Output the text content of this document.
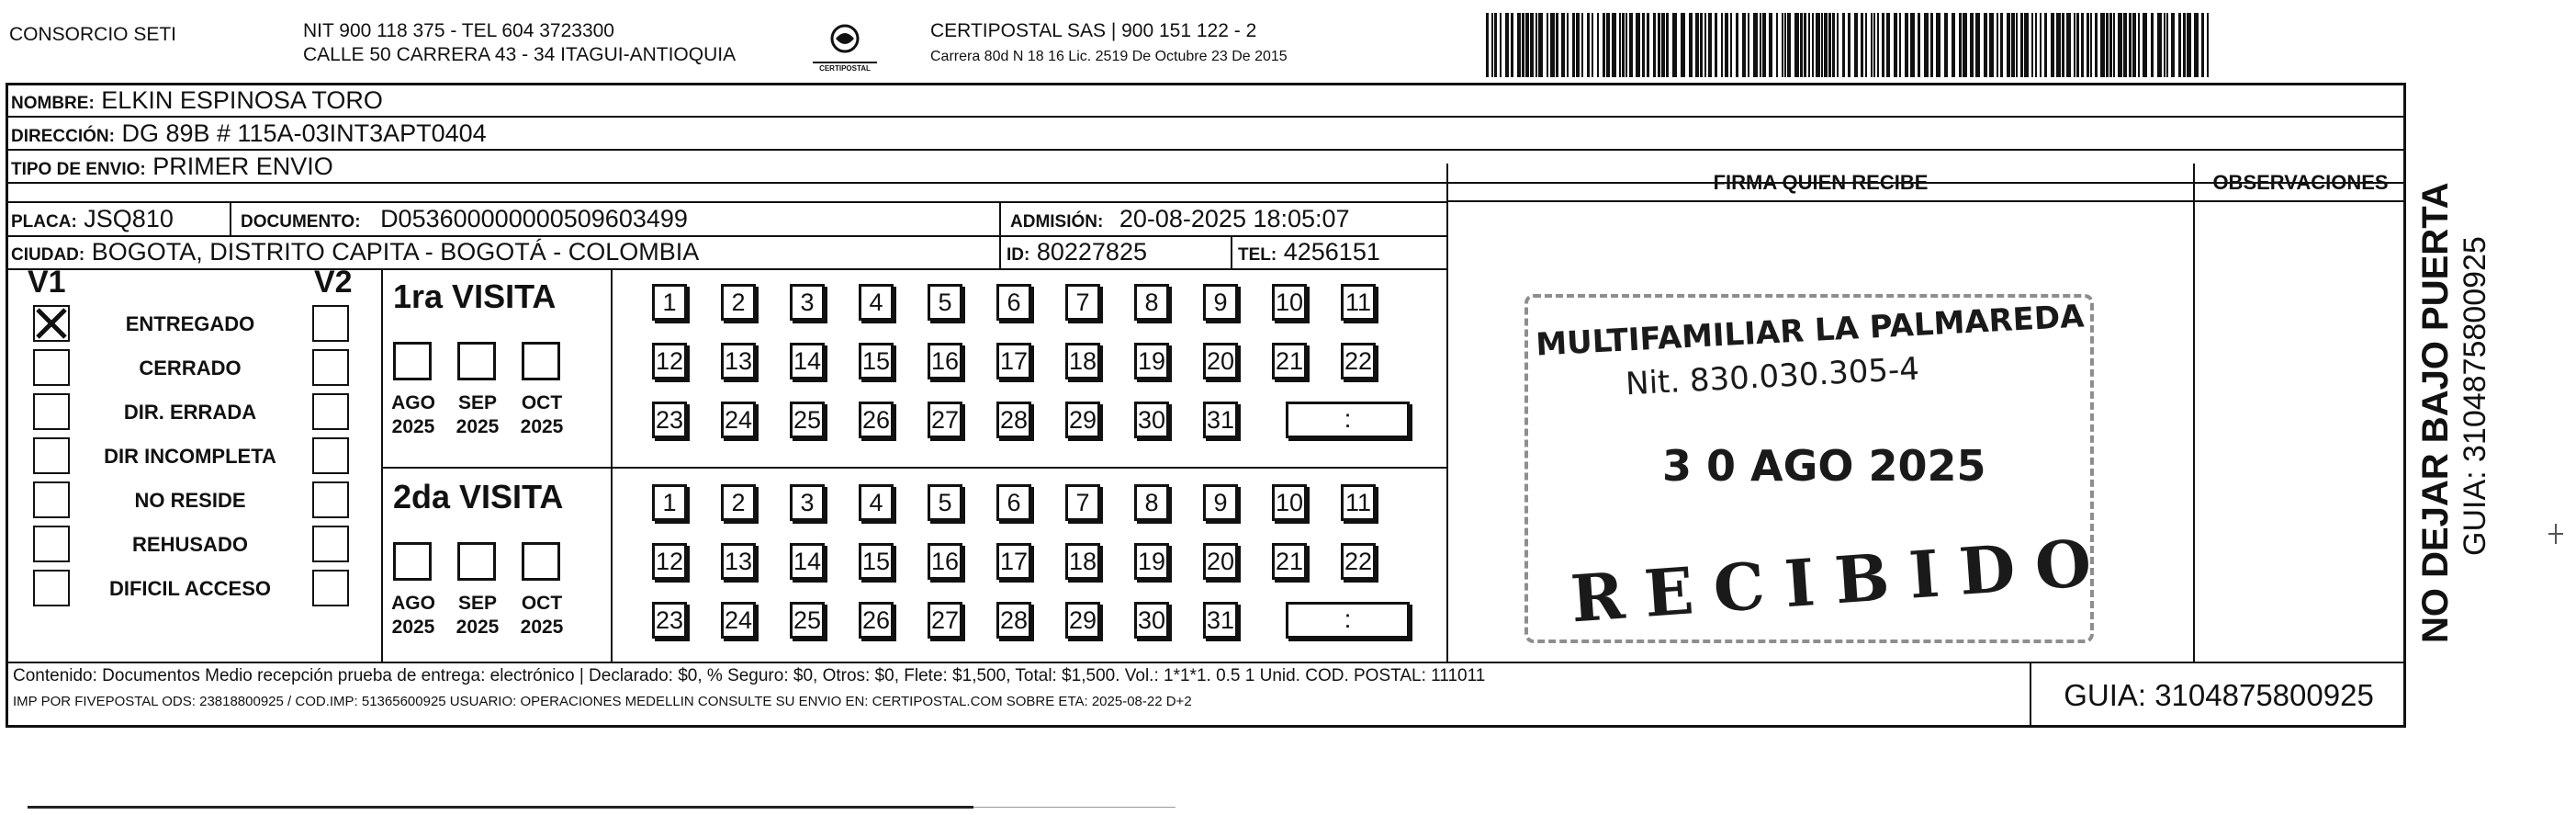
CONSORCIO SETI	NIT 900 118 375 - TEL 604 3723300
CALLE 50 CARRERA 43 - 34 ITAGUI-ANTIOQUIA
CERTIPOSTAL
CERTIPOSTAL SAS | 900 151 122 - 2
Carrera 80d N 18 16 Lic. 2519 De Octubre 23 De 2015
NOMBRE: ELKIN ESPINOSA TORO
DIRECCIÓN: DG 89B # 115A-03INT3APT0404
TIPO DE ENVIO: PRIMER ENVIO
PLACA: JSQ810	DOCUMENTO: D053600000000509603499	ADMISIÓN: 20-08-2025 18:05:07
CIUDAD: BOGOTA, DISTRITO CAPITA - BOGOTÁ - COLOMBIA	ID: 80227825	TEL: 4256151
FIRMA QUIEN RECIBE	OBSERVACIONES
V1	V2
ENTREGADO
CERRADO
DIR. ERRADA
DIR INCOMPLETA
NO RESIDE
REHUSADO
DIFICIL ACCESO
1ra VISITA
AGO
2025
SEP
2025
OCT
2025
1	2	3	4	5	6	7	8	9	10 11
12 13 14 15 16 17 18 19 20 21 22
23 24 25 26 27 28 29 30 31	:
2da VISITA
AGO
2025
SEP
2025
OCT
2025
1	2	3	4	5	6	7	8	9	10 11
12 13 14 15 16 17 18 19 20 21 22
23 24 25 26 27 28 29 30 31	:
MULTIFAMILIAR LA PALMAREDA
Nit. 830.030.305-4
3 0 AGO 2025
RECIBIDO	NO DEJAR BAJO PUERTA GUIA: 3104875800925
Contenido: Documentos Medio recepción prueba de entrega: electrónico | Declarado: $0, % Seguro: $0, Otros: $0, Flete: $1,500, Total: $1,500. Vol.: 1*1*1. 0.5 1 Unid. COD. POSTAL: 111011
IMP POR FIVEPOSTAL ODS: 23818800925 / COD.IMP: 51365600925 USUARIO: OPERACIONES MEDELLIN CONSULTE SU ENVIO EN: CERTIPOSTAL.COM SOBRE ETA: 2025-08-22 D+2	GUIA: 3104875800925
